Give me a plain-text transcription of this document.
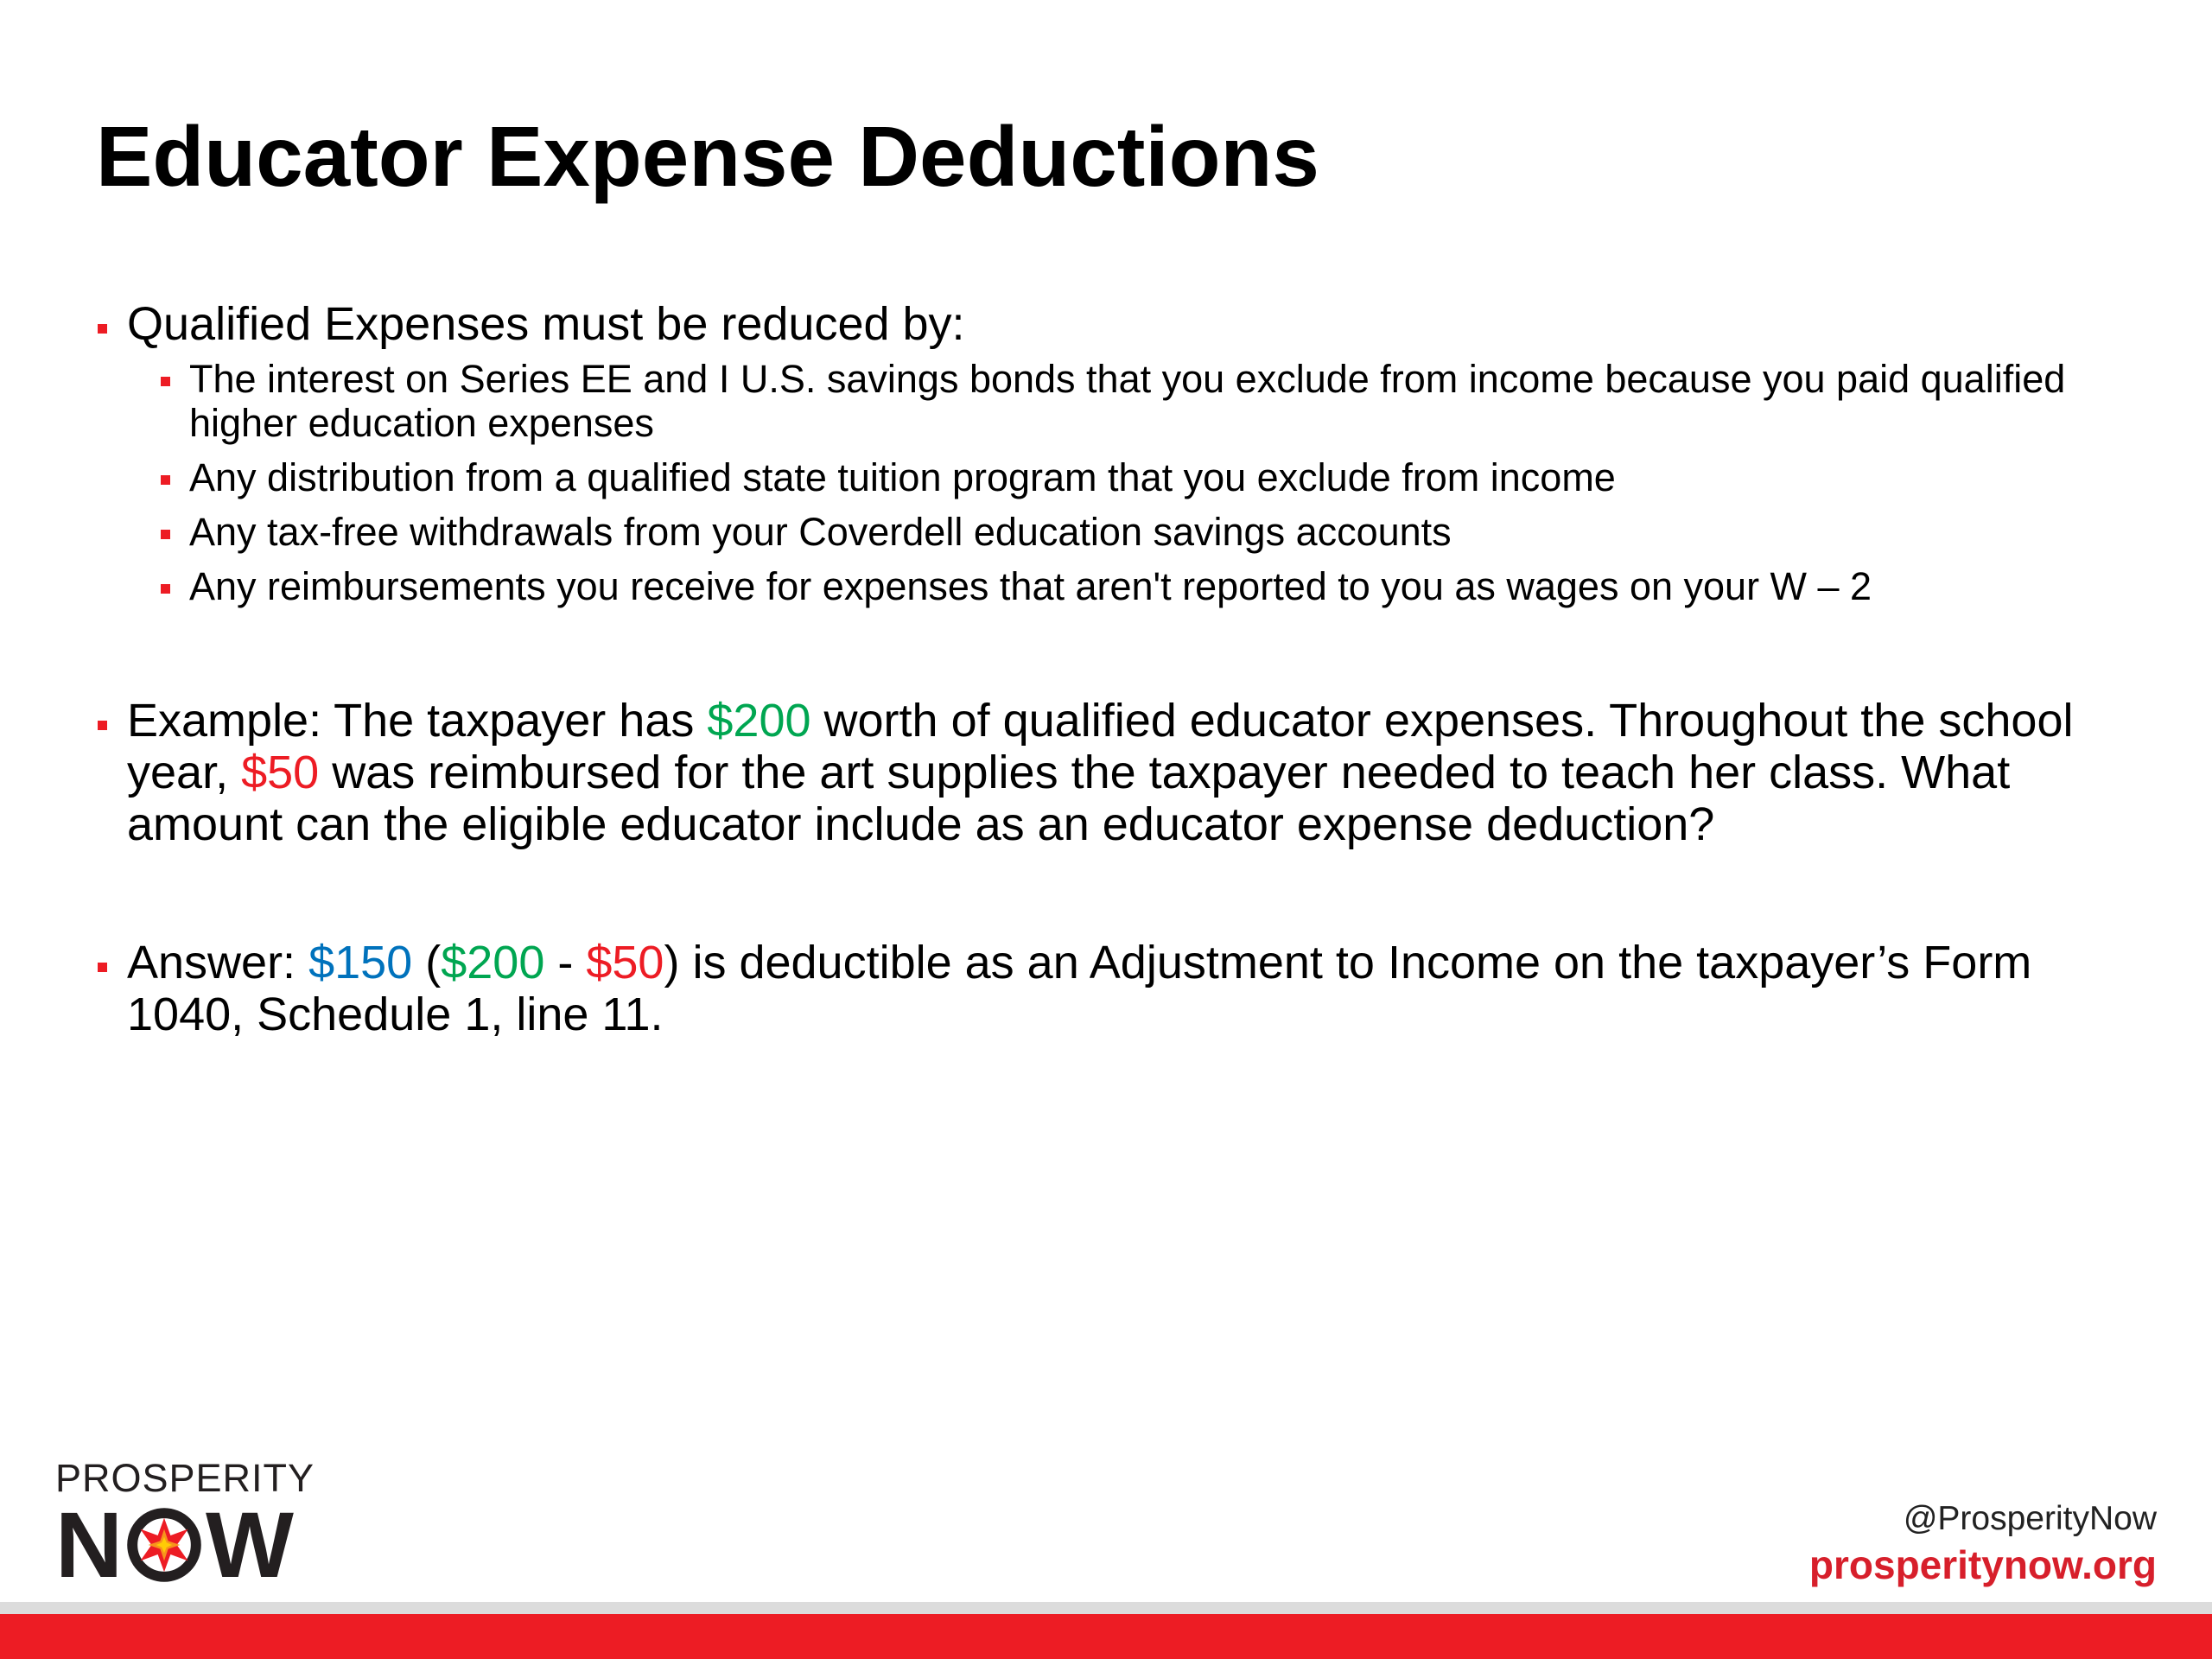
Educator Expense Deductions
Qualified Expenses must be reduced by:
The interest on Series EE and I U.S. savings bonds that you exclude from income because you paid qualified higher education expenses
Any distribution from a qualified state tuition program that you exclude from income
Any tax-free withdrawals from your Coverdell education savings accounts
Any reimbursements you receive for expenses that aren't reported to you as wages on your W – 2
Example: The taxpayer has $200 worth of qualified educator expenses. Throughout the school year, $50 was reimbursed for the art supplies the taxpayer needed to teach her class. What amount can the eligible educator include as an educator expense deduction?
Answer: $150 ($200 - $50) is deductible as an Adjustment to Income on the taxpayer’s Form 1040, Schedule 1, line 11.
PROSPERITY
N W	@ProsperityNow
prosperitynow.org
